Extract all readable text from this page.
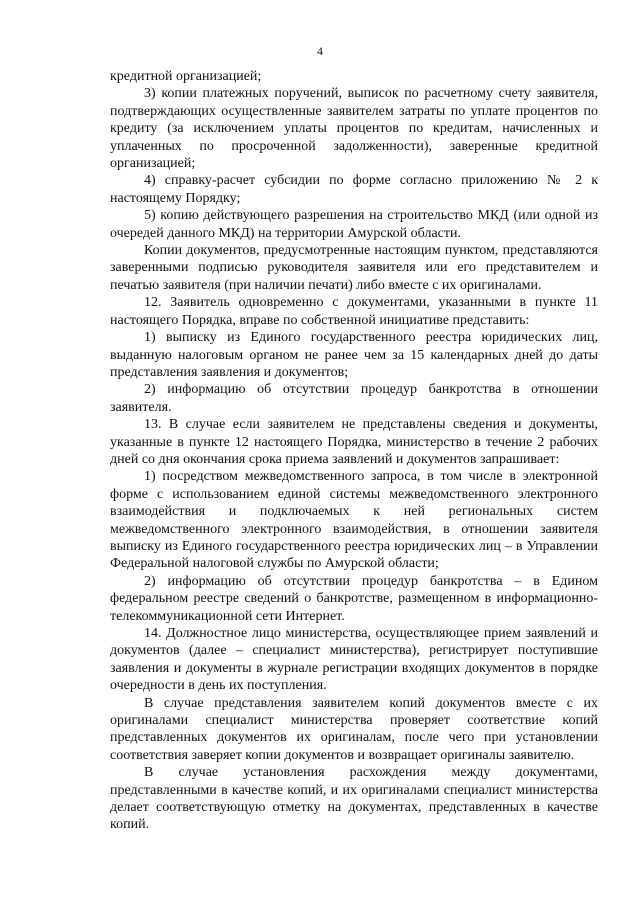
4

кредитной организацией;

3) копии платежных поручений, выписок по расчетному счету заявителя, подтверждающих осуществленные заявителем затраты по уплате процентов по кредиту (за исключением уплаты процентов по кредитам, начисленных и уплаченных по просроченной задолженности), заверенные кредитной организацией;

4) справку-расчет субсидии по форме согласно приложению № 2 к настоящему Порядку;

5) копию действующего разрешения на строительство МКД (или одной из очередей данного МКД) на территории Амурской области.

Копии документов, предусмотренные настоящим пунктом, представляются заверенными подписью руководителя заявителя или его представителем и печатью заявителя (при наличии печати) либо вместе с их оригиналами.

12. Заявитель одновременно с документами, указанными в пункте 11 настоящего Порядка, вправе по собственной инициативе представить:

1) выписку из Единого государственного реестра юридических лиц, выданную налоговым органом не ранее чем за 15 календарных дней до даты представления заявления и документов;

2) информацию об отсутствии процедур банкротства в отношении заявителя.

13. В случае если заявителем не представлены сведения и документы, указанные в пункте 12 настоящего Порядка, министерство в течение 2 рабочих дней со дня окончания срока приема заявлений и документов запрашивает:

1) посредством межведомственного запроса, в том числе в электронной форме с использованием единой системы межведомственного электронного взаимодействия и подключаемых к ней региональных систем межведомственного электронного взаимодействия, в отношении заявителя выписку из Единого государственного реестра юридических лиц – в Управлении Федеральной налоговой службы по Амурской области;

2) информацию об отсутствии процедур банкротства – в Едином федеральном реестре сведений о банкротстве, размещенном в информационно-телекоммуникационной сети Интернет.

14. Должностное лицо министерства, осуществляющее прием заявлений и документов (далее – специалист министерства), регистрирует поступившие заявления и документы в журнале регистрации входящих документов в порядке очередности в день их поступления.

В случае представления заявителем копий документов вместе с их оригиналами специалист министерства проверяет соответствие копий представленных документов их оригиналам, после чего при установлении соответствия заверяет копии документов и возвращает оригиналы заявителю.

В случае установления расхождения между документами, представленными в качестве копий, и их оригиналами специалист министерства делает соответствующую отметку на документах, представленных в качестве копий.
